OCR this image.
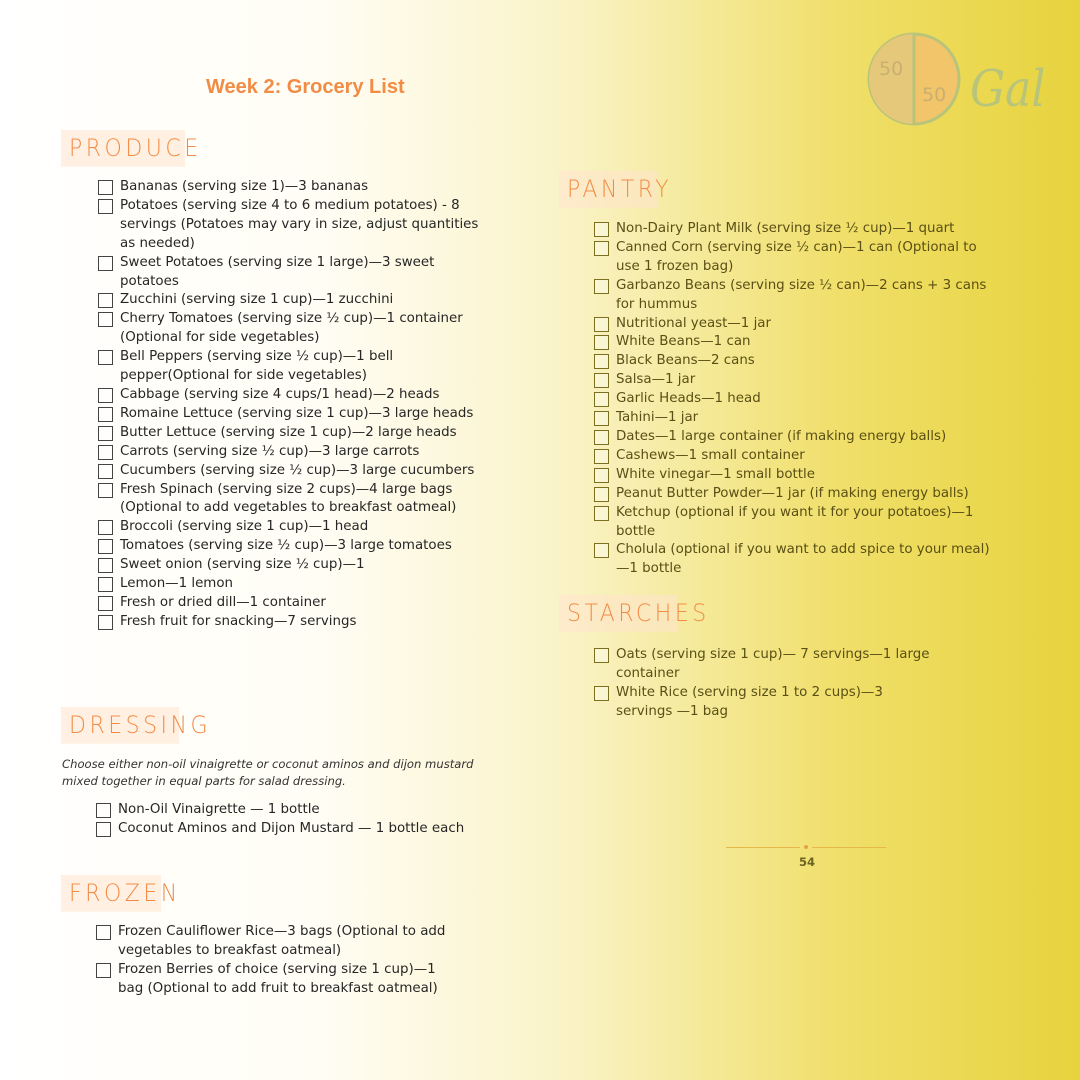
Week 2: Grocery List
50
50 Gal
PRODUCE
Bananas (serving size 1)—3 bananas
Potatoes (serving size 4 to 6 medium potatoes) - 8 servings (Potatoes may vary in size, adjust quantities as needed)
Sweet Potatoes (serving size 1 large)—3 sweet potatoes
Zucchini (serving size 1 cup)—1 zucchini
Cherry Tomatoes (serving size ½ cup)—1 container (Optional for side vegetables)
Bell Peppers (serving size ½ cup)—1 bell pepper(Optional for side vegetables)
Cabbage (serving size 4 cups/1 head)—2 heads
Romaine Lettuce (serving size 1 cup)—3 large heads
Butter Lettuce (serving size 1 cup)—2 large heads
Carrots (serving size ½ cup)—3 large carrots
Cucumbers (serving size ½ cup)—3 large cucumbers
Fresh Spinach (serving size 2 cups)—4 large bags (Optional to add vegetables to breakfast oatmeal)
Broccoli (serving size 1 cup)—1 head
Tomatoes (serving size ½ cup)—3 large tomatoes
Sweet onion (serving size ½ cup)—1
Lemon—1 lemon
Fresh or dried dill—1 container
Fresh fruit for snacking—7 servings
DRESSING
Choose either non-oil vinaigrette or coconut aminos and dijon mustard mixed together in equal parts for salad dressing.
Non-Oil Vinaigrette — 1 bottle
Coconut Aminos and Dijon Mustard — 1 bottle each
FROZEN
Frozen Cauliflower Rice—3 bags (Optional to add vegetables to breakfast oatmeal)
Frozen Berries of choice (serving size 1 cup)—1 bag (Optional to add fruit to breakfast oatmeal)
PANTRY
Non-Dairy Plant Milk (serving size ½ cup)—1 quart
Canned Corn (serving size ½ can)—1 can (Optional to use 1 frozen bag)
Garbanzo Beans (serving size ½ can)—2 cans + 3 cans for hummus
Nutritional yeast—1 jar
White Beans—1 can
Black Beans—2 cans
Salsa—1 jar
Garlic Heads—1 head
Tahini—1 jar
Dates—1 large container (if making energy balls)
Cashews—1 small container
White vinegar—1 small bottle
Peanut Butter Powder—1 jar (if making energy balls)
Ketchup (optional if you want it for your potatoes)—1 bottle
Cholula (optional if you want to add spice to your meal)—1 bottle
STARCHES
Oats (serving size 1 cup)— 7 servings—1 large container
White Rice (serving size 1 to 2 cups)—3 servings —1 bag
54
